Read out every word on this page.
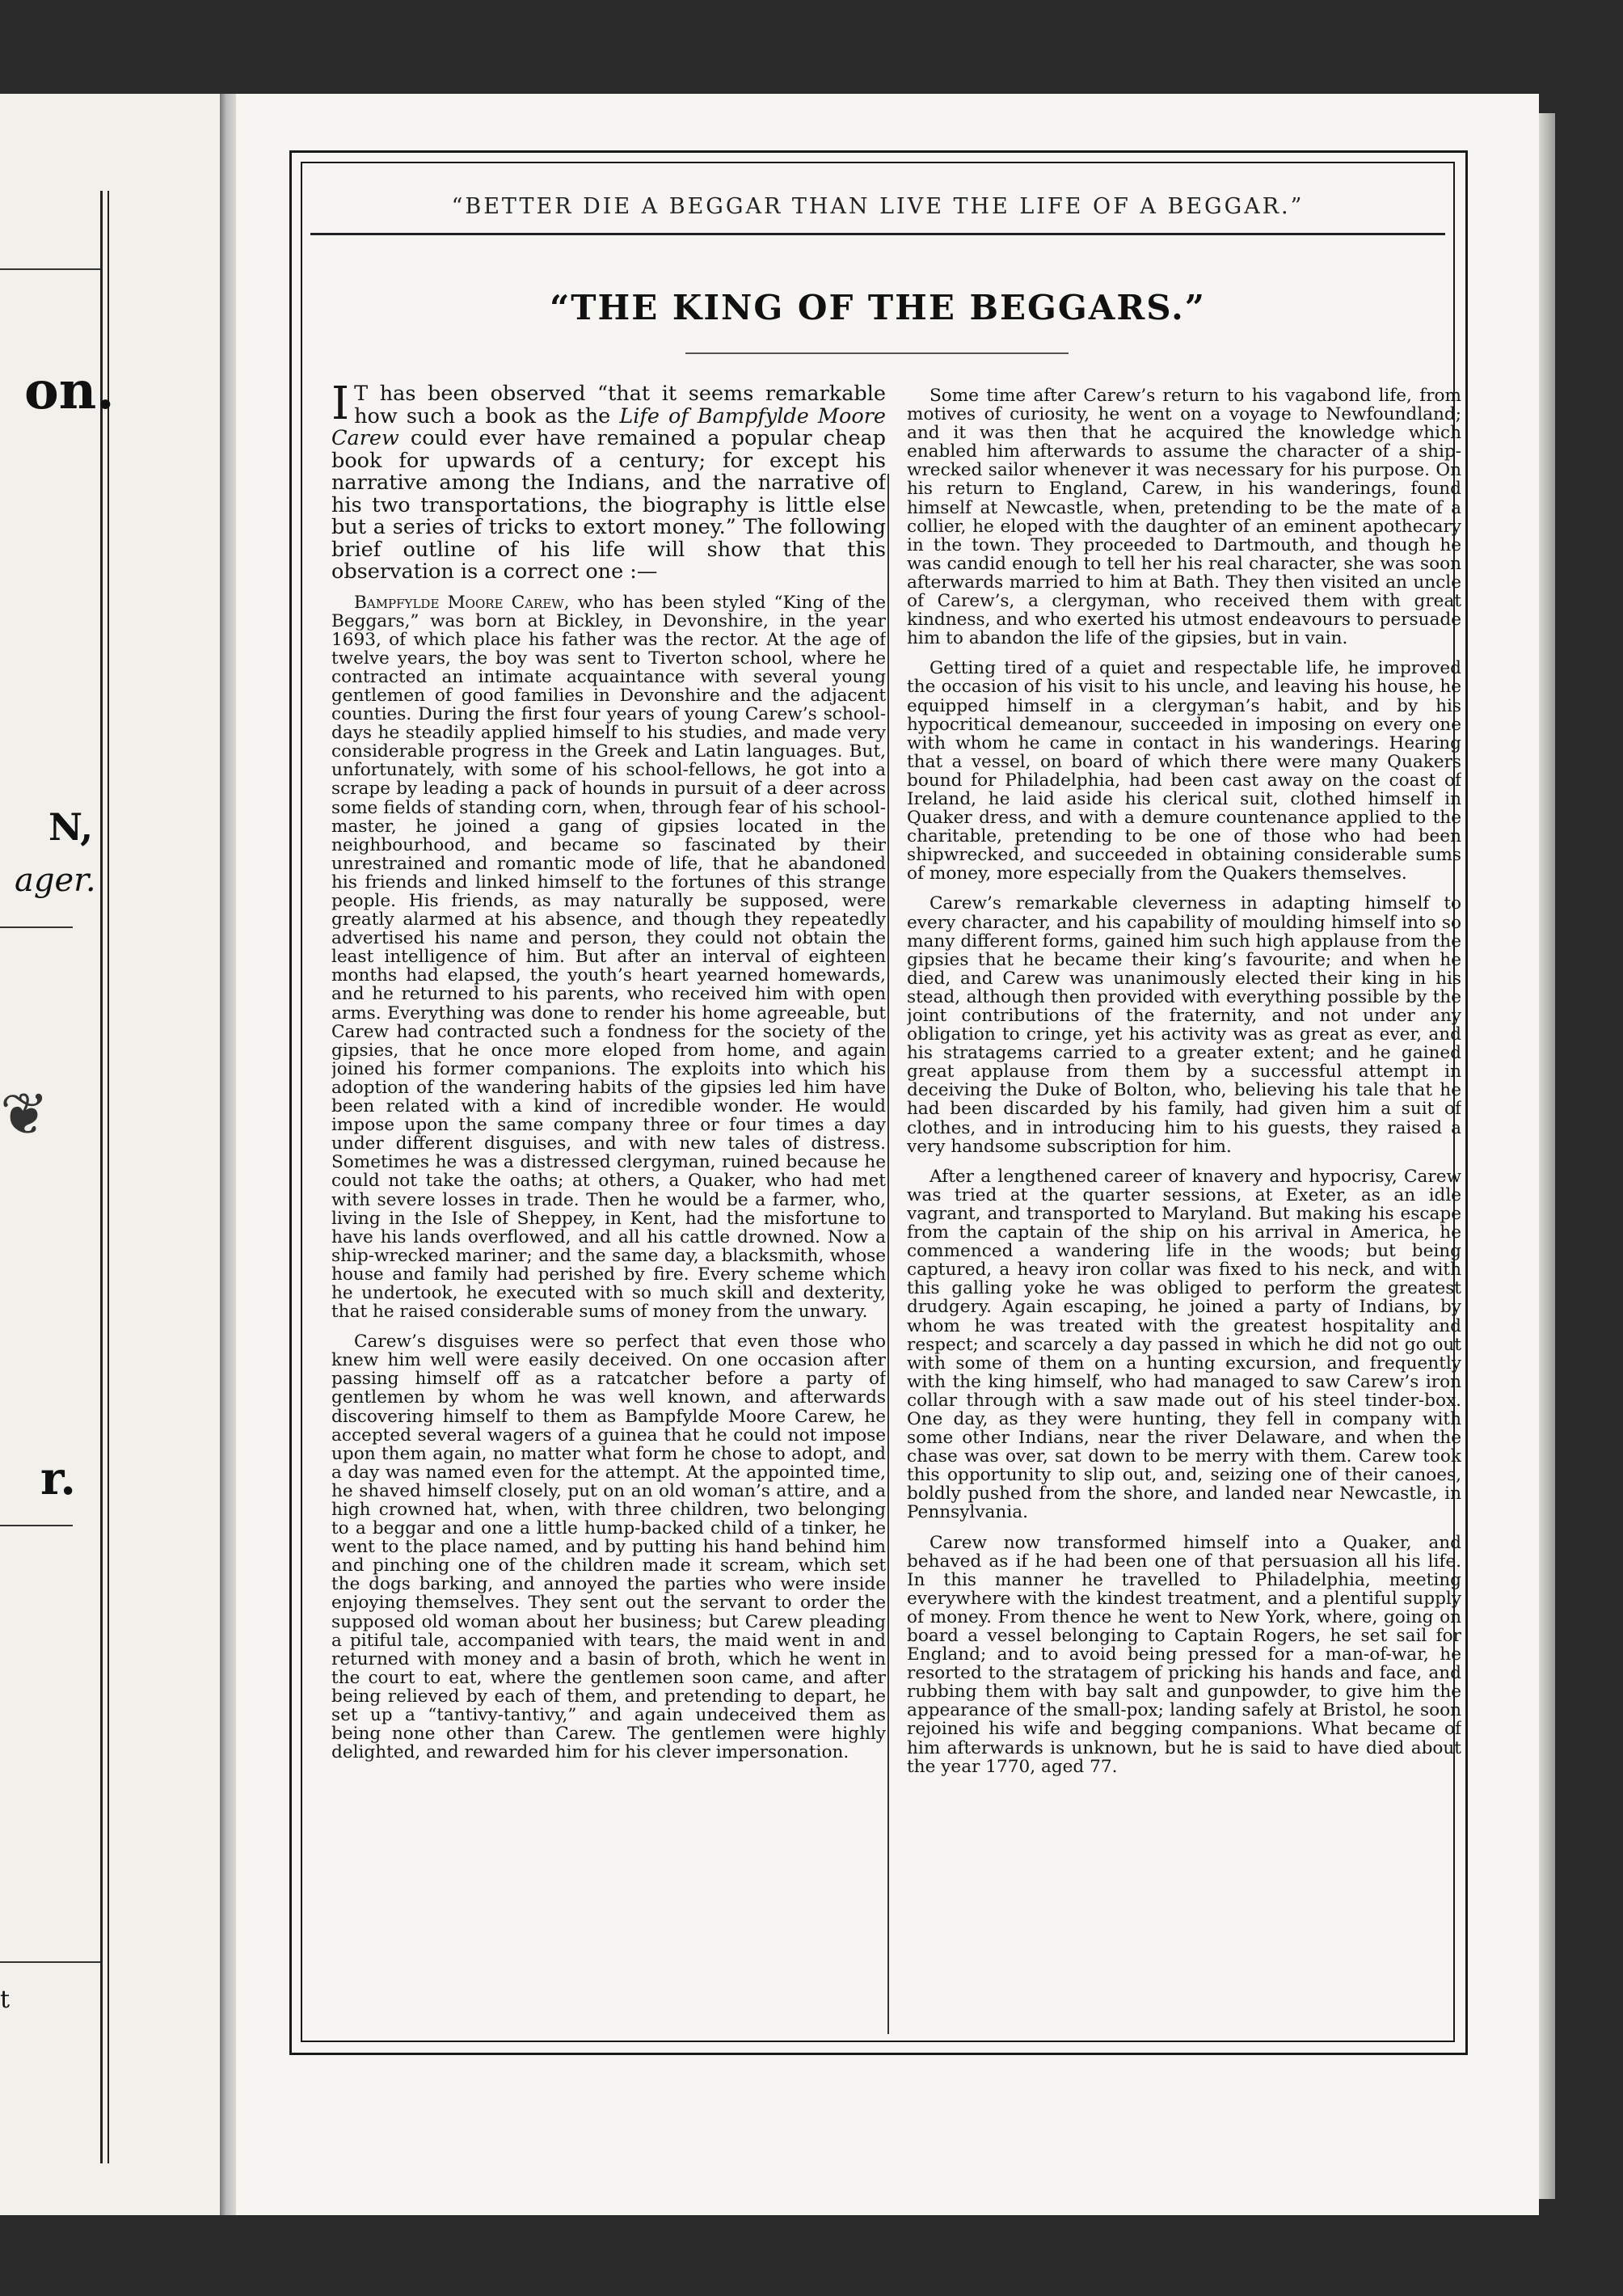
on.
N,
ager.
❦
r.
t
“BETTER DIE A BEGGAR THAN LIVE THE LIFE OF A BEGGAR.”
“THE KING OF THE BEGGARS.”

I T has been observed “that it seems remarkable how such a book as the Life of Bampfylde Moore Carew could ever have remained a popular cheap book for upwards of a century; for except his narrative among the Indians, and the narrative of his two transportations, the biography is little else but a series of tricks to extort money.” The following brief outline of his life will show that this observation is a correct one :—

Bampfylde Moore Carew, who has been styled “King of the Beggars,” was born at Bickley, in Devonshire, in the year 1693, of which place his father was the rector. At the age of twelve years, the boy was sent to Tiverton school, where he contracted an intimate acquaintance with several young gentlemen of good families in Devonshire and the adjacent counties. During the first four years of young Carew’s school-days he steadily applied himself to his studies, and made very considerable progress in the Greek and Latin languages. But, unfortunately, with some of his school-fellows, he got into a scrape by leading a pack of hounds in pursuit of a deer across some fields of standing corn, when, through fear of his school-master, he joined a gang of gipsies located in the neighbourhood, and became so fascinated by their unrestrained and romantic mode of life, that he abandoned his friends and linked himself to the fortunes of this strange people. His friends, as may naturally be supposed, were greatly alarmed at his absence, and though they repeatedly advertised his name and person, they could not obtain the least intelligence of him. But after an interval of eighteen months had elapsed, the youth’s heart yearned homewards, and he returned to his parents, who received him with open arms. Everything was done to render his home agreeable, but Carew had contracted such a fondness for the society of the gipsies, that he once more eloped from home, and again joined his former companions. The exploits into which his adoption of the wandering habits of the gipsies led him have been related with a kind of incredible wonder. He would impose upon the same company three or four times a day under different disguises, and with new tales of distress. Sometimes he was a distressed clergyman, ruined because he could not take the oaths; at others, a Quaker, who had met with severe losses in trade. Then he would be a farmer, who, living in the Isle of Sheppey, in Kent, had the misfortune to have his lands overflowed, and all his cattle drowned. Now a ship-wrecked mariner; and the same day, a blacksmith, whose house and family had perished by fire. Every scheme which he undertook, he executed with so much skill and dexterity, that he raised considerable sums of money from the unwary.

Carew’s disguises were so perfect that even those who knew him well were easily deceived. On one occasion after passing himself off as a ratcatcher before a party of gentlemen by whom he was well known, and afterwards discovering himself to them as Bampfylde Moore Carew, he accepted several wagers of a guinea that he could not impose upon them again, no matter what form he chose to adopt, and a day was named even for the attempt. At the appointed time, he shaved himself closely, put on an old woman’s attire, and a high crowned hat, when, with three children, two belonging to a beggar and one a little hump-backed child of a tinker, he went to the place named, and by putting his hand behind him and pinching one of the children made it scream, which set the dogs barking, and annoyed the parties who were inside enjoying themselves. They sent out the servant to order the supposed old woman about her business; but Carew pleading a pitiful tale, accompanied with tears, the maid went in and returned with money and a basin of broth, which he went in the court to eat, where the gentlemen soon came, and after being relieved by each of them, and pretending to depart, he set up a “tantivy-tantivy,” and again undeceived them as being none other than Carew. The gentlemen were highly delighted, and rewarded him for his clever impersonation.

Some time after Carew’s return to his vagabond life, from motives of curiosity, he went on a voyage to Newfoundland; and it was then that he acquired the knowledge which enabled him afterwards to assume the character of a ship-wrecked sailor whenever it was necessary for his purpose. On his return to England, Carew, in his wanderings, found himself at Newcastle, when, pretending to be the mate of a collier, he eloped with the daughter of an eminent apothecary in the town. They proceeded to Dartmouth, and though he was candid enough to tell her his real character, she was soon afterwards married to him at Bath. They then visited an uncle of Carew’s, a clergyman, who received them with great kindness, and who exerted his utmost endeavours to persuade him to abandon the life of the gipsies, but in vain.

Getting tired of a quiet and respectable life, he improved the occasion of his visit to his uncle, and leaving his house, he equipped himself in a clergyman’s habit, and by his hypocritical demeanour, succeeded in imposing on every one with whom he came in contact in his wanderings. Hearing that a vessel, on board of which there were many Quakers bound for Philadelphia, had been cast away on the coast of Ireland, he laid aside his clerical suit, clothed himself in Quaker dress, and with a demure countenance applied to the charitable, pretending to be one of those who had been shipwrecked, and succeeded in obtaining considerable sums of money, more especially from the Quakers themselves.

Carew’s remarkable cleverness in adapting himself to every character, and his capability of moulding himself into so many different forms, gained him such high applause from the gipsies that he became their king’s favourite; and when he died, and Carew was unanimously elected their king in his stead, although then provided with everything possible by the joint contributions of the fraternity, and not under any obligation to cringe, yet his activity was as great as ever, and his stratagems carried to a greater extent; and he gained great applause from them by a successful attempt in deceiving the Duke of Bolton, who, believing his tale that he had been discarded by his family, had given him a suit of clothes, and in introducing him to his guests, they raised a very handsome subscription for him.

After a lengthened career of knavery and hypocrisy, Carew was tried at the quarter sessions, at Exeter, as an idle vagrant, and transported to Maryland. But making his escape from the captain of the ship on his arrival in America, he commenced a wandering life in the woods; but being captured, a heavy iron collar was fixed to his neck, and with this galling yoke he was obliged to perform the greatest drudgery. Again escaping, he joined a party of Indians, by whom he was treated with the greatest hospitality and respect; and scarcely a day passed in which he did not go out with some of them on a hunting excursion, and frequently with the king himself, who had managed to saw Carew’s iron collar through with a saw made out of his steel tinder-box. One day, as they were hunting, they fell in company with some other Indians, near the river Delaware, and when the chase was over, sat down to be merry with them. Carew took this opportunity to slip out, and, seizing one of their canoes, boldly pushed from the shore, and landed near Newcastle, in Pennsylvania.

Carew now transformed himself into a Quaker, and behaved as if he had been one of that persuasion all his life. In this manner he travelled to Philadelphia, meeting everywhere with the kindest treatment, and a plentiful supply of money. From thence he went to New York, where, going on board a vessel belonging to Captain Rogers, he set sail for England; and to avoid being pressed for a man-of-war, he resorted to the stratagem of pricking his hands and face, and rubbing them with bay salt and gunpowder, to give him the appearance of the small-pox; landing safely at Bristol, he soon rejoined his wife and begging companions. What became of him afterwards is unknown, but he is said to have died about the year 1770, aged 77.
